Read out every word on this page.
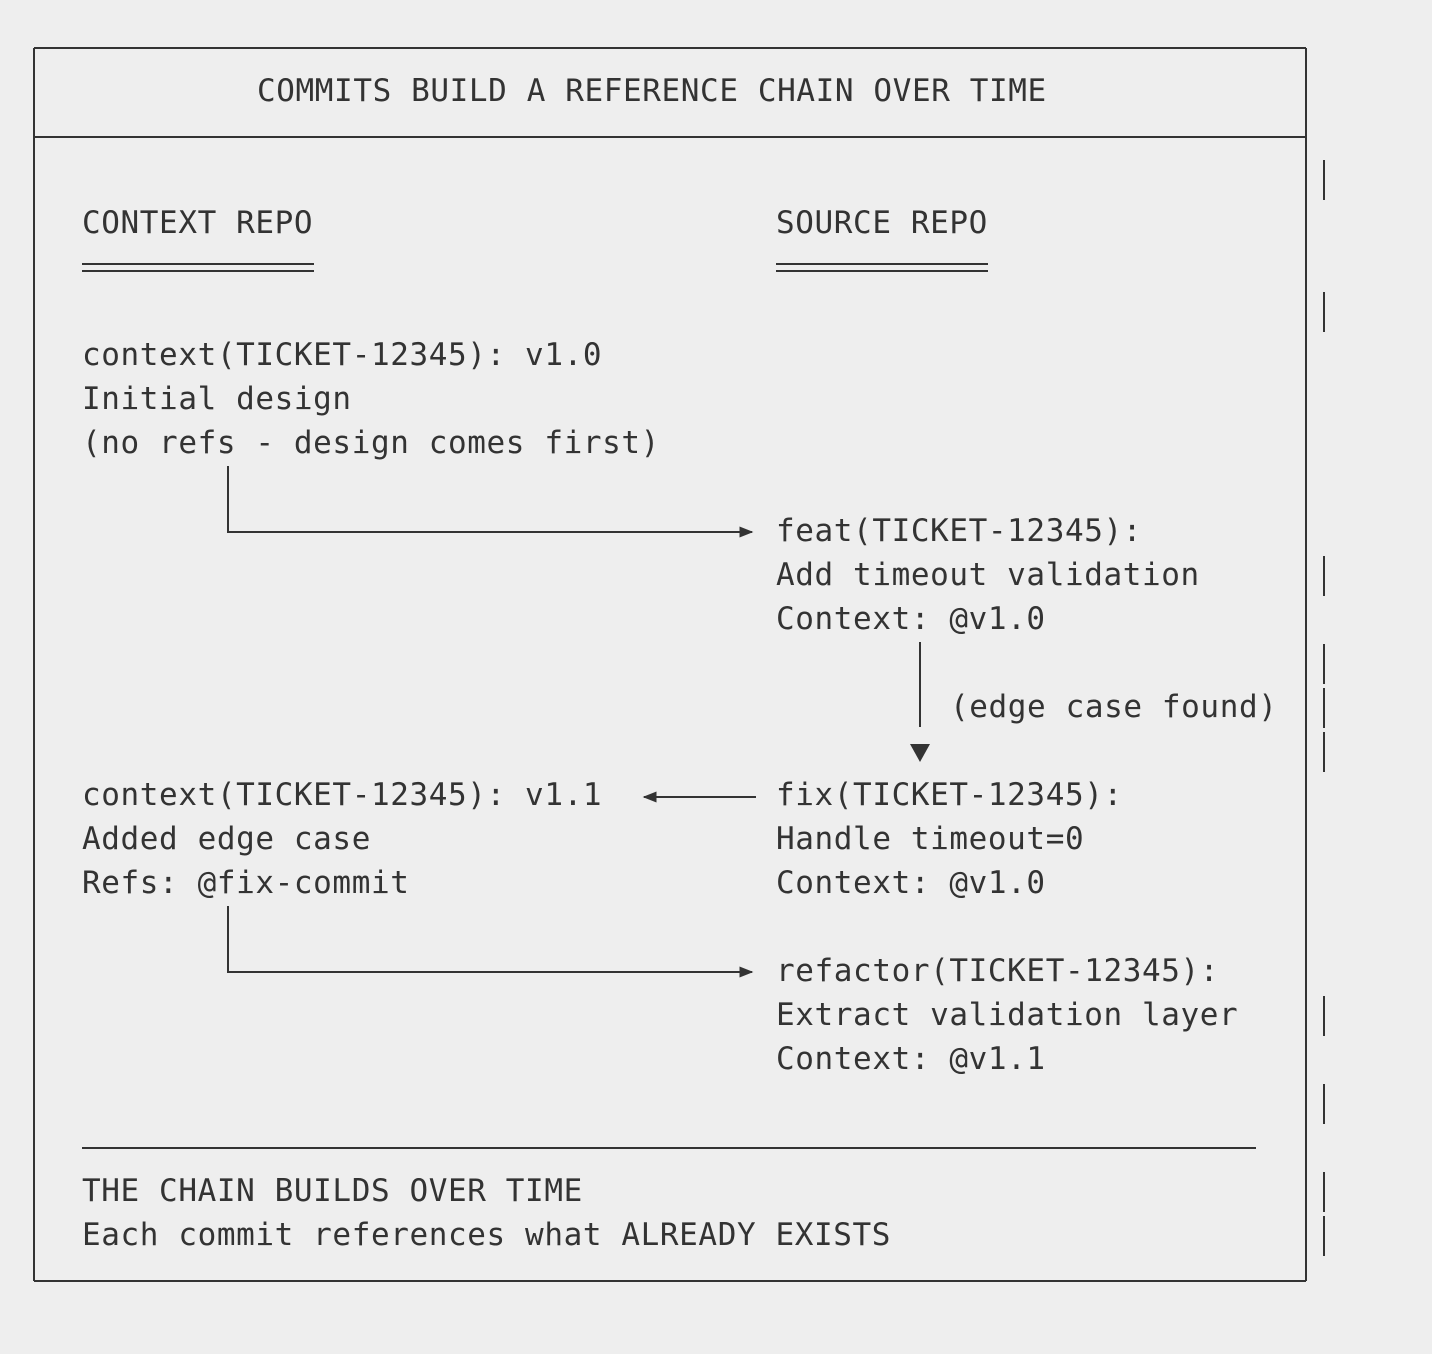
COMMITS BUILD A REFERENCE CHAIN OVER TIME
CONTEXT REPO	SOURCE REPO
context(TICKET-12345): v1.0
Initial design
(no refs - design comes first)
feat(TICKET-12345):
Add timeout validation
Context: @v1.0
(edge case found)
context(TICKET-12345): v1.1
Added edge case
Refs: @fix-commit
fix(TICKET-12345):
Handle timeout=0
Context: @v1.0
refactor(TICKET-12345):
Extract validation layer
Context: @v1.1
THE CHAIN BUILDS OVER TIME
Each commit references what ALREADY EXISTS
